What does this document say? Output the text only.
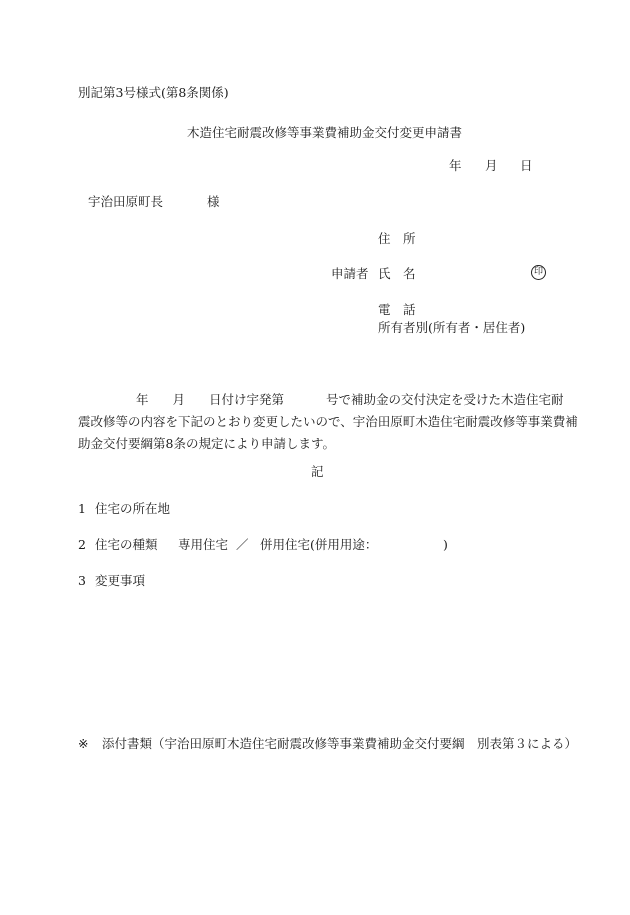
別記第3号様式(第8条関係)
木造住宅耐震改修等事業費補助金交付変更申請書
年 月 日
宇治田原町長	様
住　所
申請者 氏　名	印
電　話
所有者別(所有者・居住者)
年 月 日付け宇発第	号で補助金の交付決定を受けた木造住宅耐
震改修等の内容を下記のとおり変更したいので、宇治田原町木造住宅耐震改修等事業費補
助金交付要綱第8条の規定により申請します。
記
1 住宅の所在地
2 住宅の種類 専用住宅 ／ 併用住宅(併用用途：	)
3 変更事項
※ 添付書類（宇治田原町木造住宅耐震改修等事業費補助金交付要綱　別表第３による）
